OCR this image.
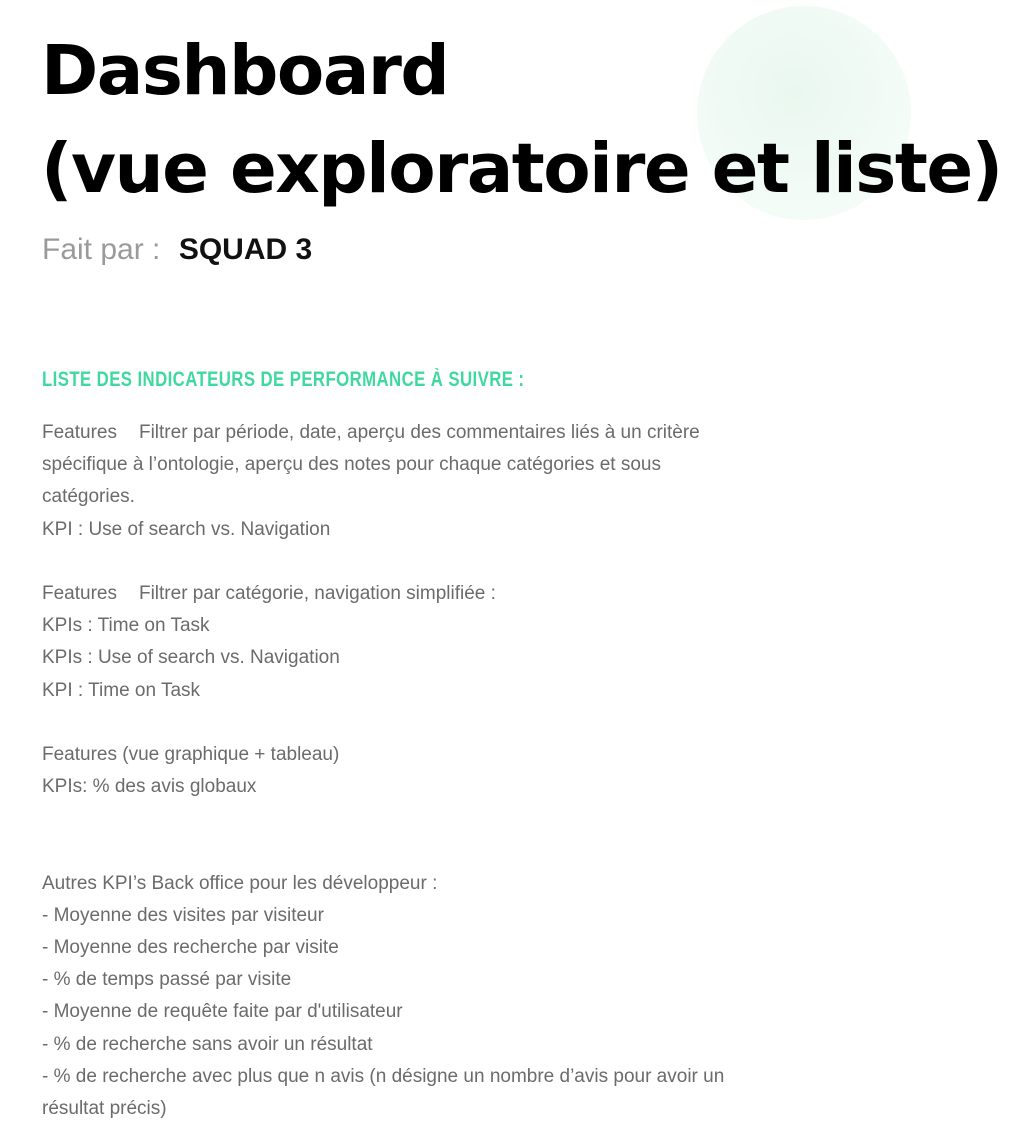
Dashboard
(vue exploratoire et liste)
Fait par : SQUAD 3
LISTE DES INDICATEURS DE PERFORMANCE À SUIVRE :
Features Filtrer par période, date, aperçu des commentaires liés à un critère
spécifique à l’ontologie, aperçu des notes pour chaque catégories et sous
catégories.
KPI : Use of search vs. Navigation
Features Filtrer par catégorie, navigation simplifiée :
KPIs : Time on Task
KPIs : Use of search vs. Navigation
KPI : Time on Task
Features (vue graphique + tableau)
KPIs: % des avis globaux
Autres KPI’s Back office pour les développeur :
- Moyenne des visites par visiteur
- Moyenne des recherche par visite
- % de temps passé par visite
- Moyenne de requête faite par d'utilisateur
- % de recherche sans avoir un résultat
- % de recherche avec plus que n avis (n désigne un nombre d’avis pour avoir un
résultat précis)
